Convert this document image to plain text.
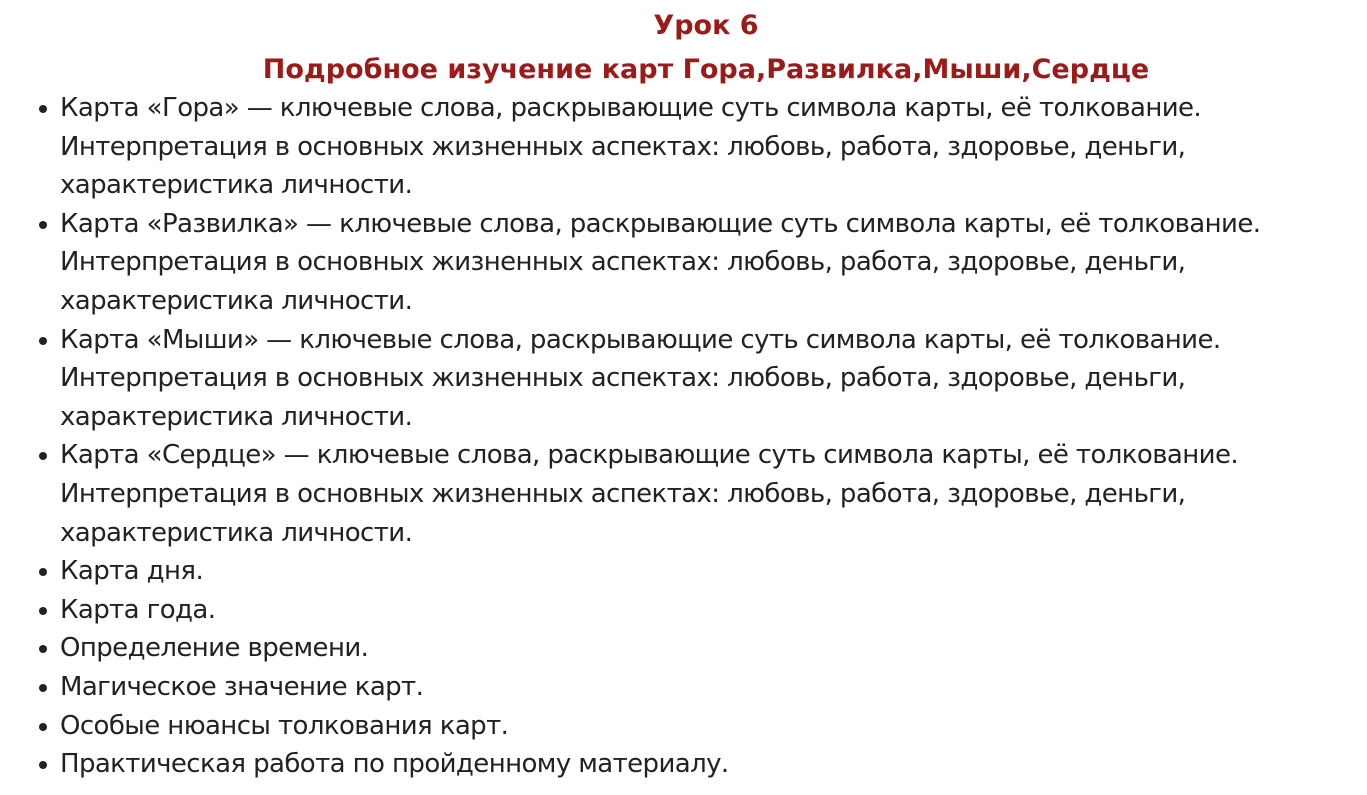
Урок 6
Подробное изучение карт Гора,Развилка,Мыши,Сердце
Карта «Гора» — ключевые слова, раскрывающие суть символа карты, её толкование.
Интерпретация в основных жизненных аспектах: любовь, работа, здоровье, деньги,
характеристика личности.
Карта «Развилка» — ключевые слова, раскрывающие суть символа карты, её толкование.
Интерпретация в основных жизненных аспектах: любовь, работа, здоровье, деньги,
характеристика личности.
Карта «Мыши» — ключевые слова, раскрывающие суть символа карты, её толкование.
Интерпретация в основных жизненных аспектах: любовь, работа, здоровье, деньги,
характеристика личности.
Карта «Сердце» — ключевые слова, раскрывающие суть символа карты, её толкование.
Интерпретация в основных жизненных аспектах: любовь, работа, здоровье, деньги,
характеристика личности.
Карта дня.
Карта года.
Определение времени.
Магическое значение карт.
Особые нюансы толкования карт.
Практическая работа по пройденному материалу.
